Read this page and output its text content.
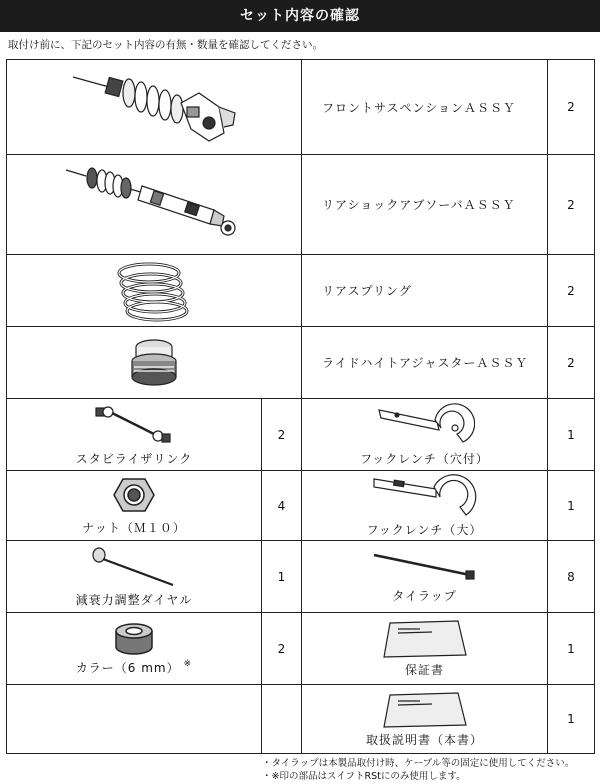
セット内容の確認
取付け前に、下記のセット内容の有無・数量を確認してください。
	フロントサスペンションＡＳＳＹ	2

	リアショックアブソーバＡＳＳＹ	2

	リアスプリング	2

	ライドハイトアジャスターＡＳＳＹ	2

スタビライザリンク	2	フックレンチ（穴付）	1

ナット（Ｍ１０）	4	フックレンチ（大）	1

減衰力調整ダイヤル	1	タイラップ	8

カラー（6 mm） ※	2	保証書	1

		取扱説明書（本書）	1
・タイラップは本製品取付け時、ケーブル等の固定に使用してください。
・※印の部品はスイフトRStにのみ使用します。
